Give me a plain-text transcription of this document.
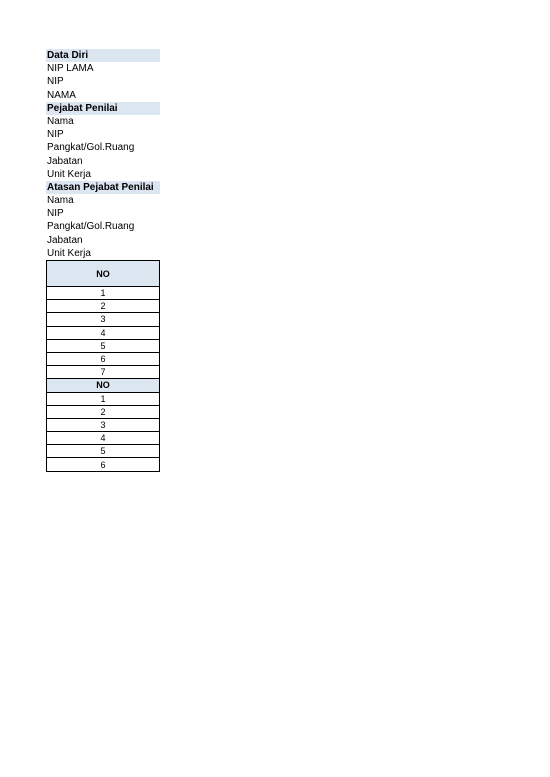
Data Diri
NIP LAMA
NIP
NAMA
Pejabat Penilai
Nama
NIP
Pangkat/Gol.Ruang
Jabatan
Unit Kerja
Atasan Pejabat Penilai
Nama
NIP
Pangkat/Gol.Ruang
Jabatan
Unit Kerja
NO
1
2
3
4
5
6
7
NO
1
2
3
4
5
6
